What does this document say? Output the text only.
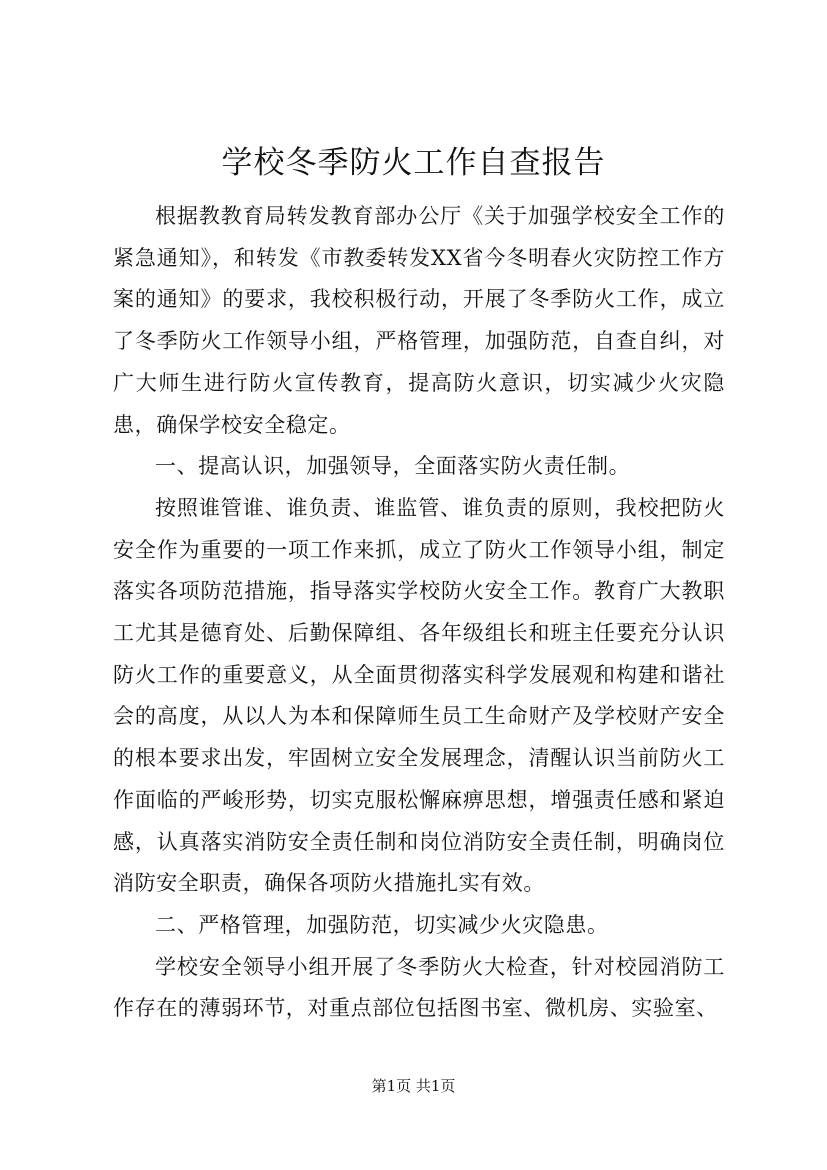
学校冬季防火工作自查报告

根据教教育局转发教育部办公厅《关于加强学校安全工作的紧急通知》，和转发《市教委转发XX省今冬明春火灾防控工作方案的通知》的要求，我校积极行动，开展了冬季防火工作，成立了冬季防火工作领导小组，严格管理，加强防范，自查自纠，对广大师生进行防火宣传教育，提高防火意识，切实减少火灾隐患，确保学校安全稳定。

一、提高认识，加强领导，全面落实防火责任制。

按照谁管谁、谁负责、谁监管、谁负责的原则，我校把防火安全作为重要的一项工作来抓，成立了防火工作领导小组，制定落实各项防范措施，指导落实学校防火安全工作。教育广大教职工尤其是德育处、后勤保障组、各年级组长和班主任要充分认识防火工作的重要意义，从全面贯彻落实科学发展观和构建和谐社会的高度，从以人为本和保障师生员工生命财产及学校财产安全的根本要求出发，牢固树立安全发展理念，清醒认识当前防火工作面临的严峻形势，切实克服松懈麻痹思想，增强责任感和紧迫感，认真落实消防安全责任制和岗位消防安全责任制，明确岗位消防安全职责，确保各项防火措施扎实有效。

二、严格管理，加强防范，切实减少火灾隐患。

学校安全领导小组开展了冬季防火大检查，针对校园消防工作存在的薄弱环节，对重点部位包括图书室、微机房、实验室、

第1页 共1页
